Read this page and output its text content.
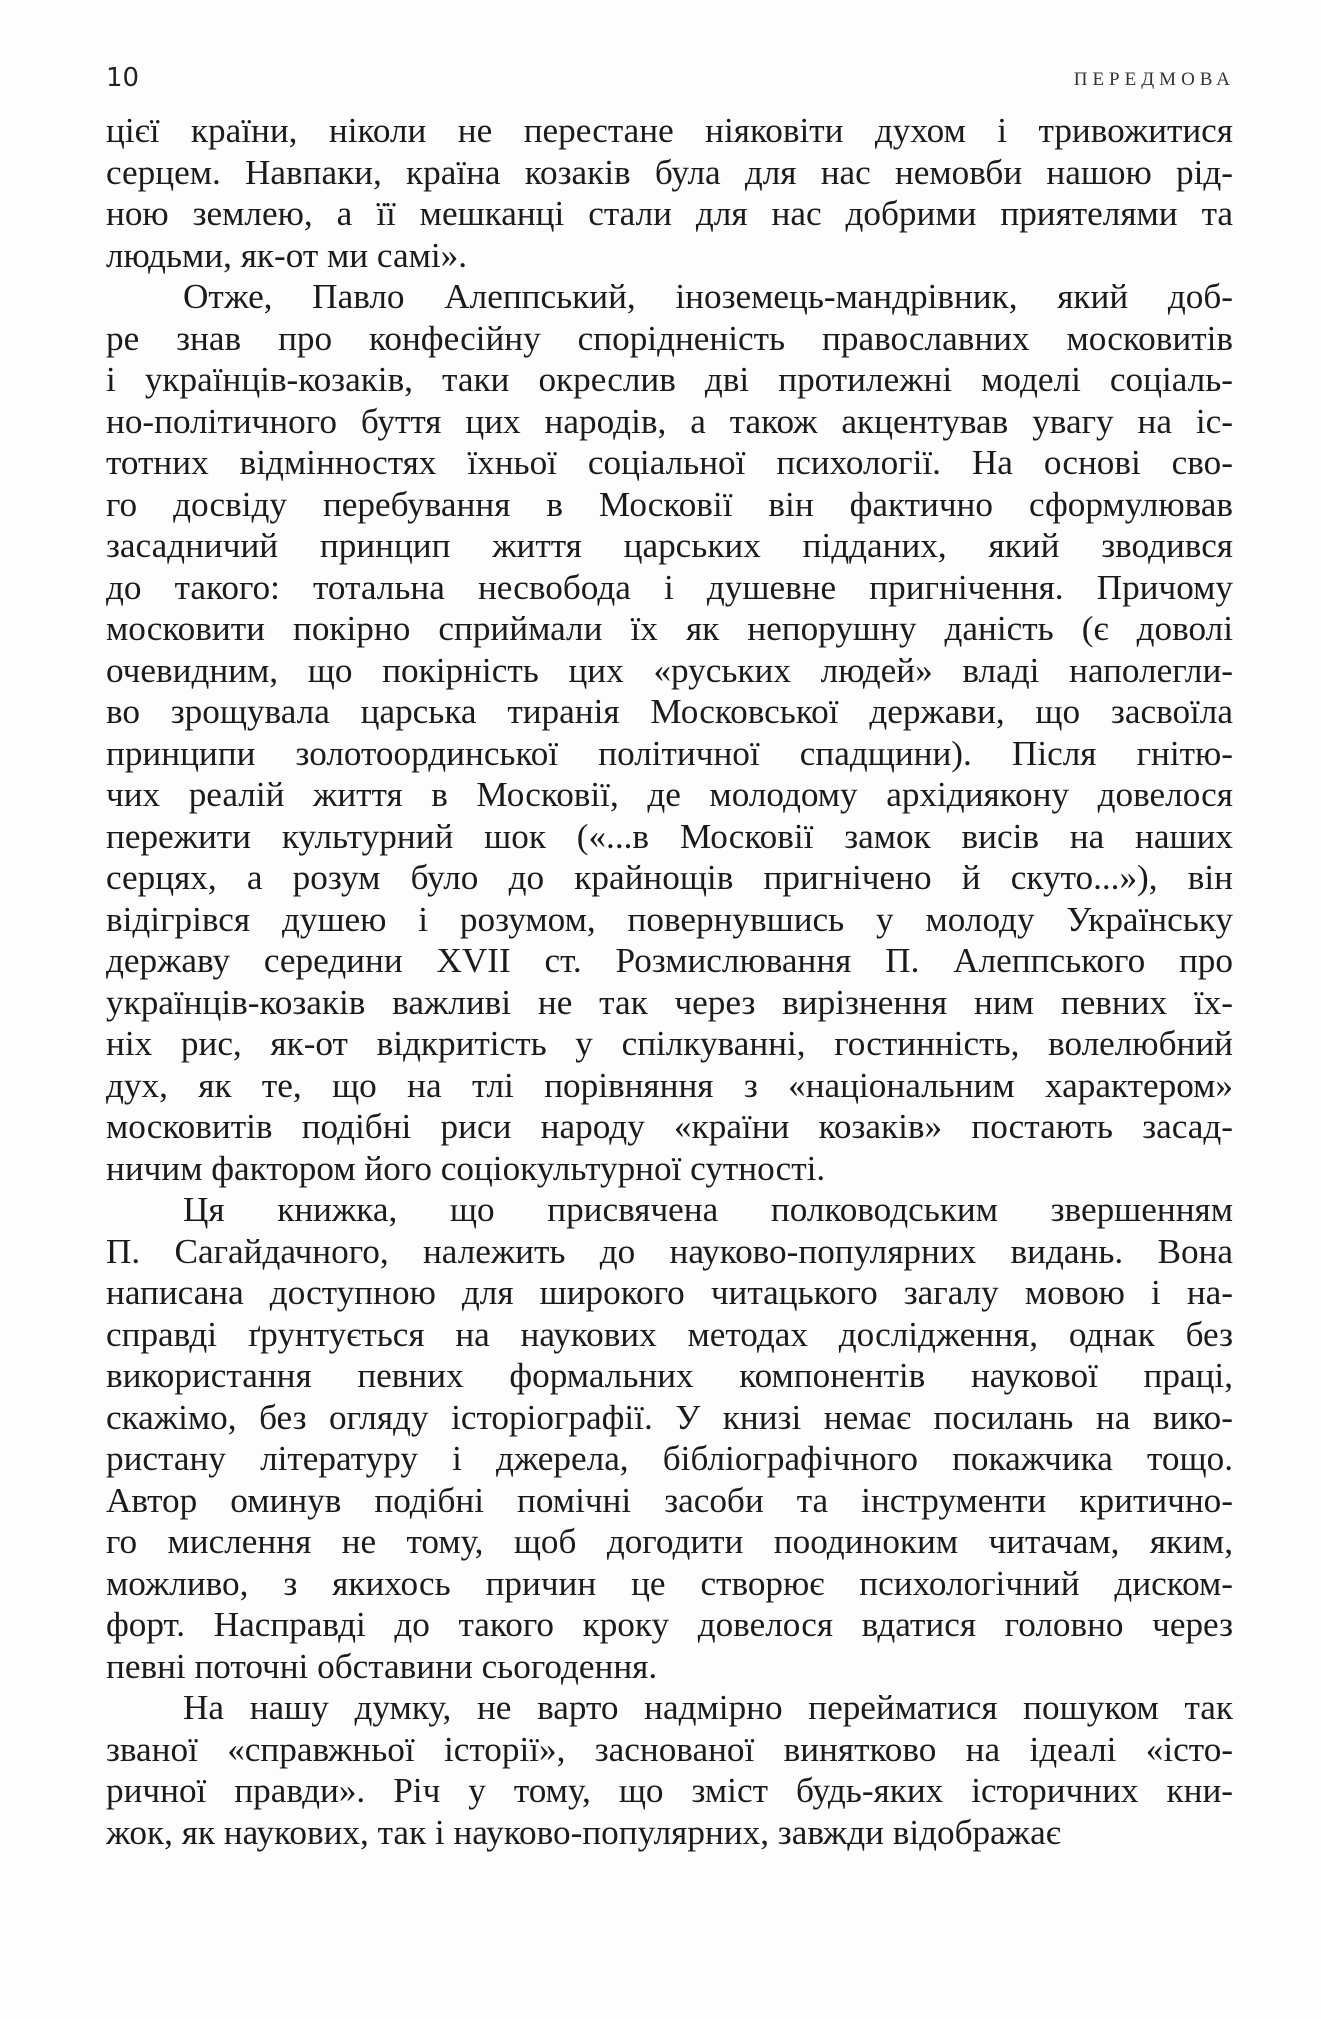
10	ПЕРЕДМОВА
цієї країни, ніколи не перестане ніяковіти духом і тривожитися
серцем. Навпаки, країна козаків була для нас немовби нашою рід-
ною землею, а її мешканці стали для нас добрими приятелями та
людьми, як-от ми самі».
Отже, Павло Алеппський, іноземець-мандрівник, який доб-
ре знав про конфесійну спорідненість православних московитів
і українців-козаків, таки окреслив дві протилежні моделі соціаль-
но-політичного буття цих народів, а також акцентував увагу на іс-
тотних відмінностях їхньої соціальної психології. На основі сво-
го досвіду перебування в Московії він фактично сформулював
засадничий принцип життя царських підданих, який зводився
до такого: тотальна несвобода і душевне пригнічення. Причому
московити покірно сприймали їх як непорушну даність (є доволі
очевидним, що покірність цих «руських людей» владі наполегли-
во зрощувала царська тиранія Московської держави, що засвоїла
принципи золотоординської політичної спадщини). Після гнітю-
чих реалій життя в Московії, де молодому архідиякону довелося
пережити культурний шок («...в Московії замок висів на наших
серцях, а розум було до крайнощів пригнічено й скуто...»), він
відігрівся душею і розумом, повернувшись у молоду Українську
державу середини XVII ст. Розмислювання П. Алеппського про
українців-козаків важливі не так через вирізнення ним певних їх-
ніх рис, як-от відкритість у спілкуванні, гостинність, волелюбний
дух, як те, що на тлі порівняння з «національним характером»
московитів подібні риси народу «країни козаків» постають засад-
ничим фактором його соціокультурної сутності.
Ця книжка, що присвячена полководським звершенням
П. Сагайдачного, належить до науково-популярних видань. Вона
написана доступною для широкого читацького загалу мовою і на-
справді ґрунтується на наукових методах дослідження, однак без
використання певних формальних компонентів наукової праці,
скажімо, без огляду історіографії. У книзі немає посилань на вико-
ристану літературу і джерела, бібліографічного покажчика тощо.
Автор оминув подібні помічні засоби та інструменти критично-
го мислення не тому, щоб догодити поодиноким читачам, яким,
можливо, з якихось причин це створює психологічний диском-
форт. Насправді до такого кроку довелося вдатися головно через
певні поточні обставини сьогодення.
На нашу думку, не варто надмірно перейматися пошуком так
званої «справжньої історії», заснованої винятково на ідеалі «істо-
ричної правди». Річ у тому, що зміст будь-яких історичних кни-
жок, як наукових, так і науково-популярних, завжди відображає
